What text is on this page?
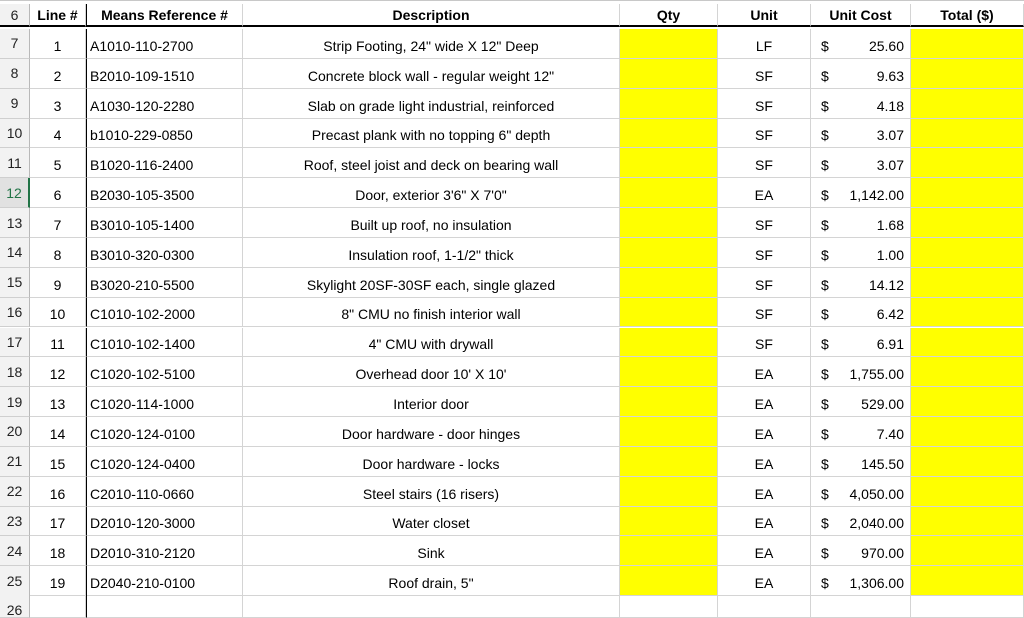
6 Line # Means Reference #	Description	Qty	Unit	Unit Cost	Total ($)
7	1 A1010-110-2700	Strip Footing, 24" wide X 12" Deep	LF	$	25.60
8	2 B2010-109-1510	Concrete block wall - regular weight 12"	SF	$	9.63
9	3 A1030-120-2280	Slab on grade light industrial, reinforced	SF	$	4.18
10 4 b1010-229-0850	Precast plank with no topping 6" depth	SF	$	3.07
11 5 B1020-116-2400	Roof, steel joist and deck on bearing wall	SF	$	3.07
12 6 B2030-105-3500	Door, exterior 3'6" X 7'0"	EA	$ 1,142.00
13 7 B3010-105-1400	Built up roof, no insulation	SF	$	1.68
14 8 B3010-320-0300	Insulation roof, 1-1/2" thick	SF	$	1.00
15 9 B3020-210-5500	Skylight 20SF-30SF each, single glazed	SF	$	14.12
16 10 C1010-102-2000	8" CMU no finish interior wall	SF	$	6.42
17 11 C1010-102-1400	4" CMU with drywall	SF	$	6.91
18 12 C1020-102-5100	Overhead door 10' X 10'	EA	$ 1,755.00
19 13 C1020-114-1000	Interior door	EA	$ 529.00
20 14 C1020-124-0100	Door hardware - door hinges	EA	$	7.40
21 15 C1020-124-0400	Door hardware - locks	EA	$ 145.50
22 16 C2010-110-0660	Steel stairs (16 risers)	EA	$ 4,050.00
23 17 D2010-120-3000	Water closet	EA	$ 2,040.00
24 18 D2010-310-2120	Sink	EA	$ 970.00
25 19 D2040-210-0100	Roof drain, 5"	EA	$ 1,306.00
26
